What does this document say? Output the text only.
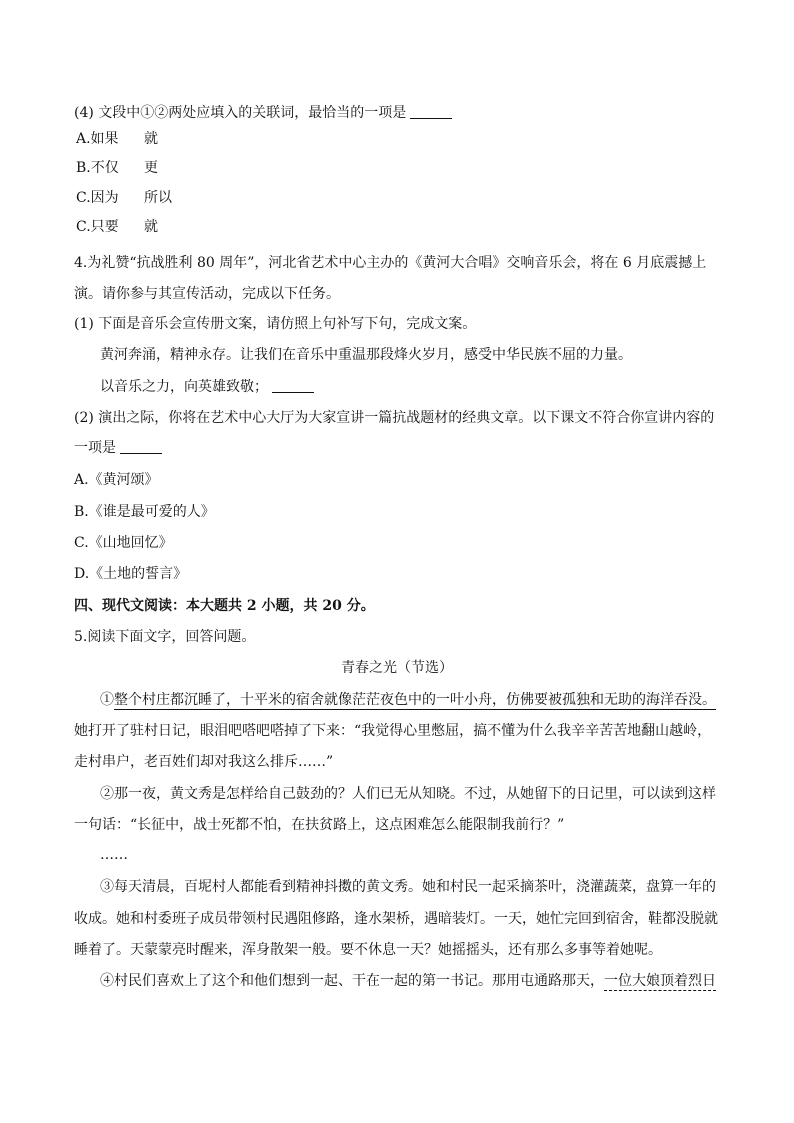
(4) 文段中①②两处应填入的关联词，最恰当的一项是
A.如果 就
B.不仅 更
C.因为 所以
C.只要 就
4.为礼赞“抗战胜利 80 周年”，河北省艺术中心主办的《黄河大合唱》交响音乐会，将在 6 月底震撼上
演。请你参与其宣传活动，完成以下任务。
(1) 下面是音乐会宣传册文案，请仿照上句补写下句，完成文案。
黄河奔涌，精神永存。让我们在音乐中重温那段烽火岁月，感受中华民族不屈的力量。
以音乐之力，向英雄致敬；
(2) 演出之际，你将在艺术中心大厅为大家宣讲一篇抗战题材的经典文章。以下课文不符合你宣讲内容的
一项是
A.《黄河颂》
B.《谁是最可爱的人》
C.《山地回忆》
D.《土地的誓言》
四、现代文阅读：本大题共 2 小题，共 20 分。
5.阅读下面文字，回答问题。
青春之光（节选）
①整个村庄都沉睡了，十平米的宿舍就像茫茫夜色中的一叶小舟，仿佛要被孤独和无助的海洋吞没。
她打开了驻村日记，眼泪吧嗒吧嗒掉了下来：“我觉得心里憋屈，搞不懂为什么我辛辛苦苦地翻山越岭，
走村串户，老百姓们却对我这么排斥……”
②那一夜，黄文秀是怎样给自己鼓劲的？人们已无从知晓。不过，从她留下的日记里，可以读到这样
一句话：“长征中，战士死都不怕，在扶贫路上，这点困难怎么能限制我前行？”
……
③每天清晨，百坭村人都能看到精神抖擞的黄文秀。她和村民一起采摘茶叶，浇灌蔬菜，盘算一年的
收成。她和村委班子成员带领村民遇阻修路，逢水架桥，遇暗装灯。一天，她忙完回到宿舍，鞋都没脱就
睡着了。天蒙蒙亮时醒来，浑身散架一般。要不休息一天？她摇摇头，还有那么多事等着她呢。
④村民们喜欢上了这个和他们想到一起、干在一起的第一书记。那用屯通路那天，一位大娘顶着烈日
